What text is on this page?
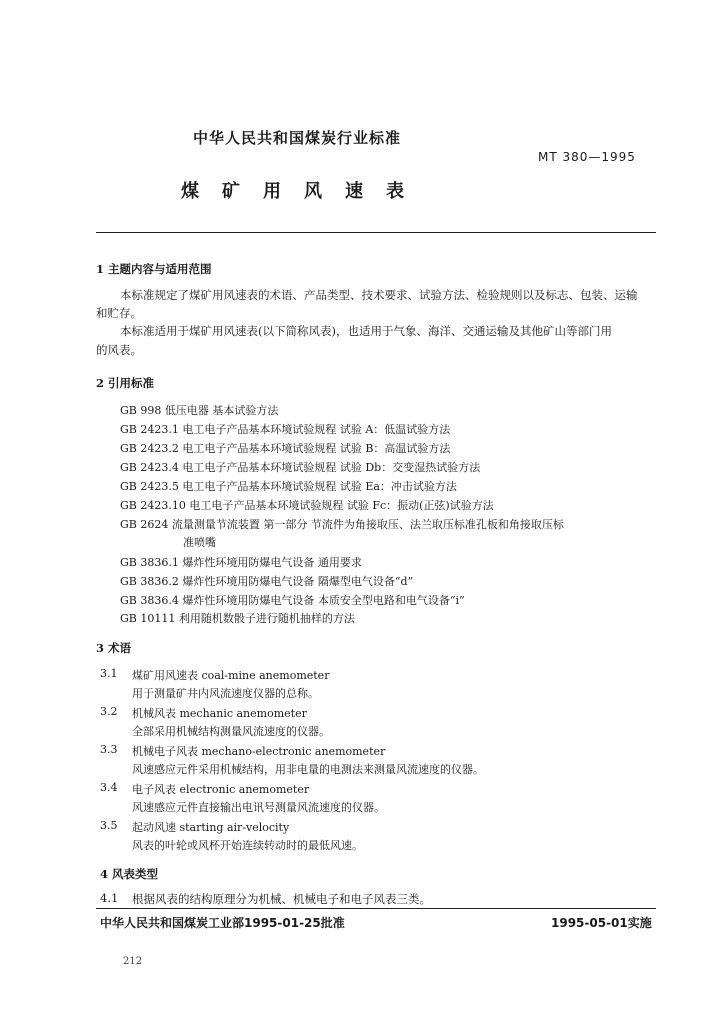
中华人民共和国煤炭行业标准
MT 380—1995
煤矿用风速表
1 主题内容与适用范围
本标准规定了煤矿用风速表的术语、产品类型、技术要求、试验方法、检验规则以及标志、包装、运输
和贮存。
本标准适用于煤矿用风速表(以下简称风表)，也适用于气象、海洋、交通运输及其他矿山等部门用
的风表。
2 引用标准
GB 998 低压电器 基本试验方法
GB 2423.1 电工电子产品基本环境试验规程 试验 A：低温试验方法
GB 2423.2 电工电子产品基本环境试验规程 试验 B：高温试验方法
GB 2423.4 电工电子产品基本环境试验规程 试验 Db：交变湿热试验方法
GB 2423.5 电工电子产品基本环境试验规程 试验 Ea：冲击试验方法
GB 2423.10 电工电子产品基本环境试验规程 试验 Fc：振动(正弦)试验方法
GB 2624 流量测量节流装置 第一部分 节流件为角接取压、法兰取压标准孔板和角接取压标
准喷嘴
GB 3836.1 爆炸性环境用防爆电气设备 通用要求
GB 3836.2 爆炸性环境用防爆电气设备 隔爆型电气设备“d”
GB 3836.4 爆炸性环境用防爆电气设备 本质安全型电路和电气设备“i”
GB 10111 利用随机数骰子进行随机抽样的方法
3 术语
3.1 煤矿用风速表 coal-mine anemometer
用于测量矿井内风流速度仪器的总称。
3.2 机械风表 mechanic anemometer
全部采用机械结构测量风流速度的仪器。
3.3 机械电子风表 mechano-electronic anemometer
风速感应元件采用机械结构，用非电量的电测法来测量风流速度的仪器。
3.4 电子风表 electronic anemometer
风速感应元件直接输出电讯号测量风流速度的仪器。
3.5 起动风速 starting air-velocity
风表的叶轮或风杯开始连续转动时的最低风速。
4 风表类型
4.1 根据风表的结构原理分为机械、机械电子和电子风表三类。
中华人民共和国煤炭工业部1995-01-25批准	1995-05-01实施
212
